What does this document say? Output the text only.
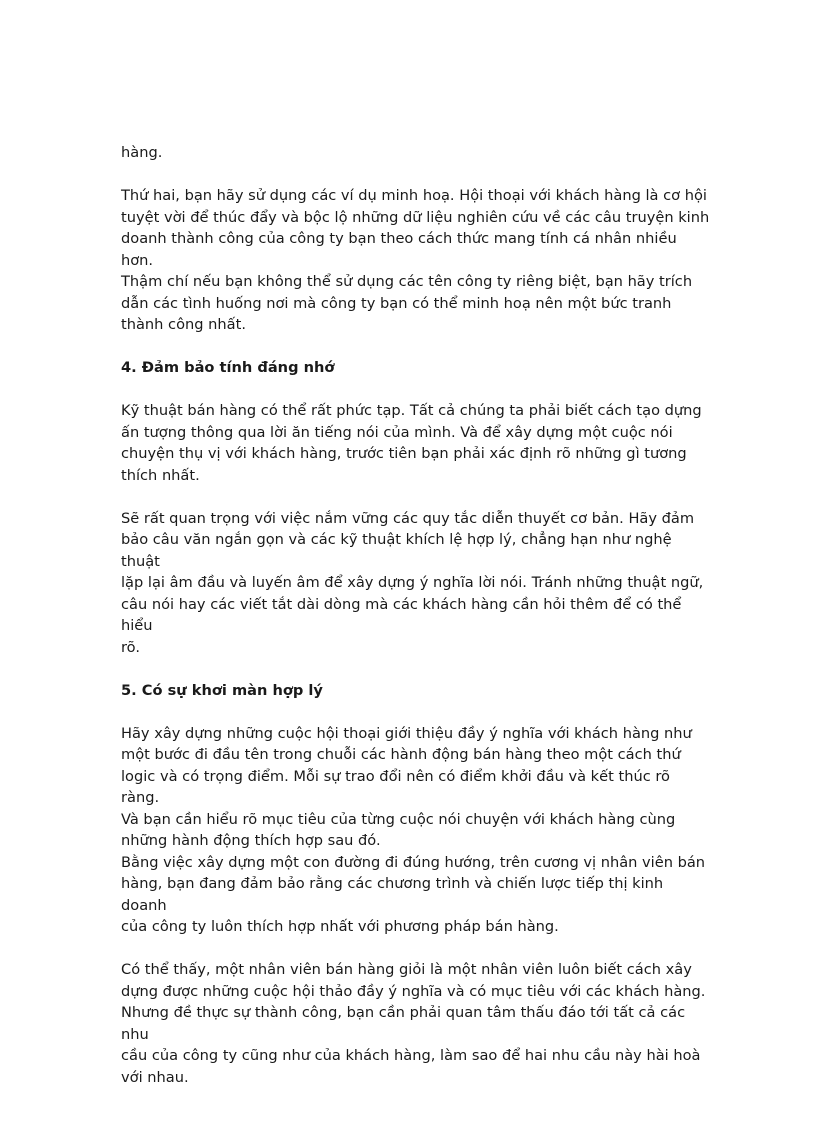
hàng.

Thứ hai, bạn hãy sử dụng các ví dụ minh hoạ. Hội thoại với khách hàng là cơ hội

tuyệt vời để thúc đẩy và bộc lộ những dữ liệu nghiên cứu về các câu truyện kinh

doanh thành công của công ty bạn theo cách thức mang tính cá nhân nhiều hơn.

Thậm chí nếu bạn không thể sử dụng các tên công ty riêng biệt, bạn hãy trích

dẫn các tình huống nơi mà công ty bạn có thể minh hoạ nên một bức tranh

thành công nhất.

4. Đảm bảo tính đáng nhớ

Kỹ thuật bán hàng có thể rất phức tạp. Tất cả chúng ta phải biết cách tạo dựng

ấn tượng thông qua lời ăn tiếng nói của mình. Và để xây dựng một cuộc nói

chuyện thụ vị với khách hàng, trước tiên bạn phải xác định rõ những gì tương

thích nhất.

Sẽ rất quan trọng với việc nắm vững các quy tắc diễn thuyết cơ bản. Hãy đảm

bảo câu văn ngắn gọn và các kỹ thuật khích lệ hợp lý, chẳng hạn như nghệ thuật

lặp lại âm đầu và luyến âm để xây dựng ý nghĩa lời nói. Tránh những thuật ngữ,

câu nói hay các viết tắt dài dòng mà các khách hàng cần hỏi thêm để có thể hiểu

rõ.

5. Có sự khơi màn hợp lý

Hãy xây dựng những cuộc hội thoại giới thiệu đầy ý nghĩa với khách hàng như

một bước đi đầu tên trong chuỗi các hành động bán hàng theo một cách thứ

logic và có trọng điểm. Mỗi sự trao đổi nên có điểm khởi đầu và kết thúc rõ ràng.

Và bạn cần hiểu rõ mục tiêu của từng cuộc nói chuyện với khách hàng cùng

những hành động thích hợp sau đó.

Bằng việc xây dựng một con đường đi đúng hướng, trên cương vị nhân viên bán

hàng, bạn đang đảm bảo rằng các chương trình và chiến lược tiếp thị kinh doanh

của công ty luôn thích hợp nhất với phương pháp bán hàng.

Có thể thấy, một nhân viên bán hàng giỏi là một nhân viên luôn biết cách xây

dựng được những cuộc hội thảo đầy ý nghĩa và có mục tiêu với các khách hàng.

Nhưng đề thực sự thành công, bạn cần phải quan tâm thấu đáo tới tất cả các nhu

cầu của công ty cũng như của khách hàng, làm sao để hai nhu cầu này hài hoà

với nhau.
